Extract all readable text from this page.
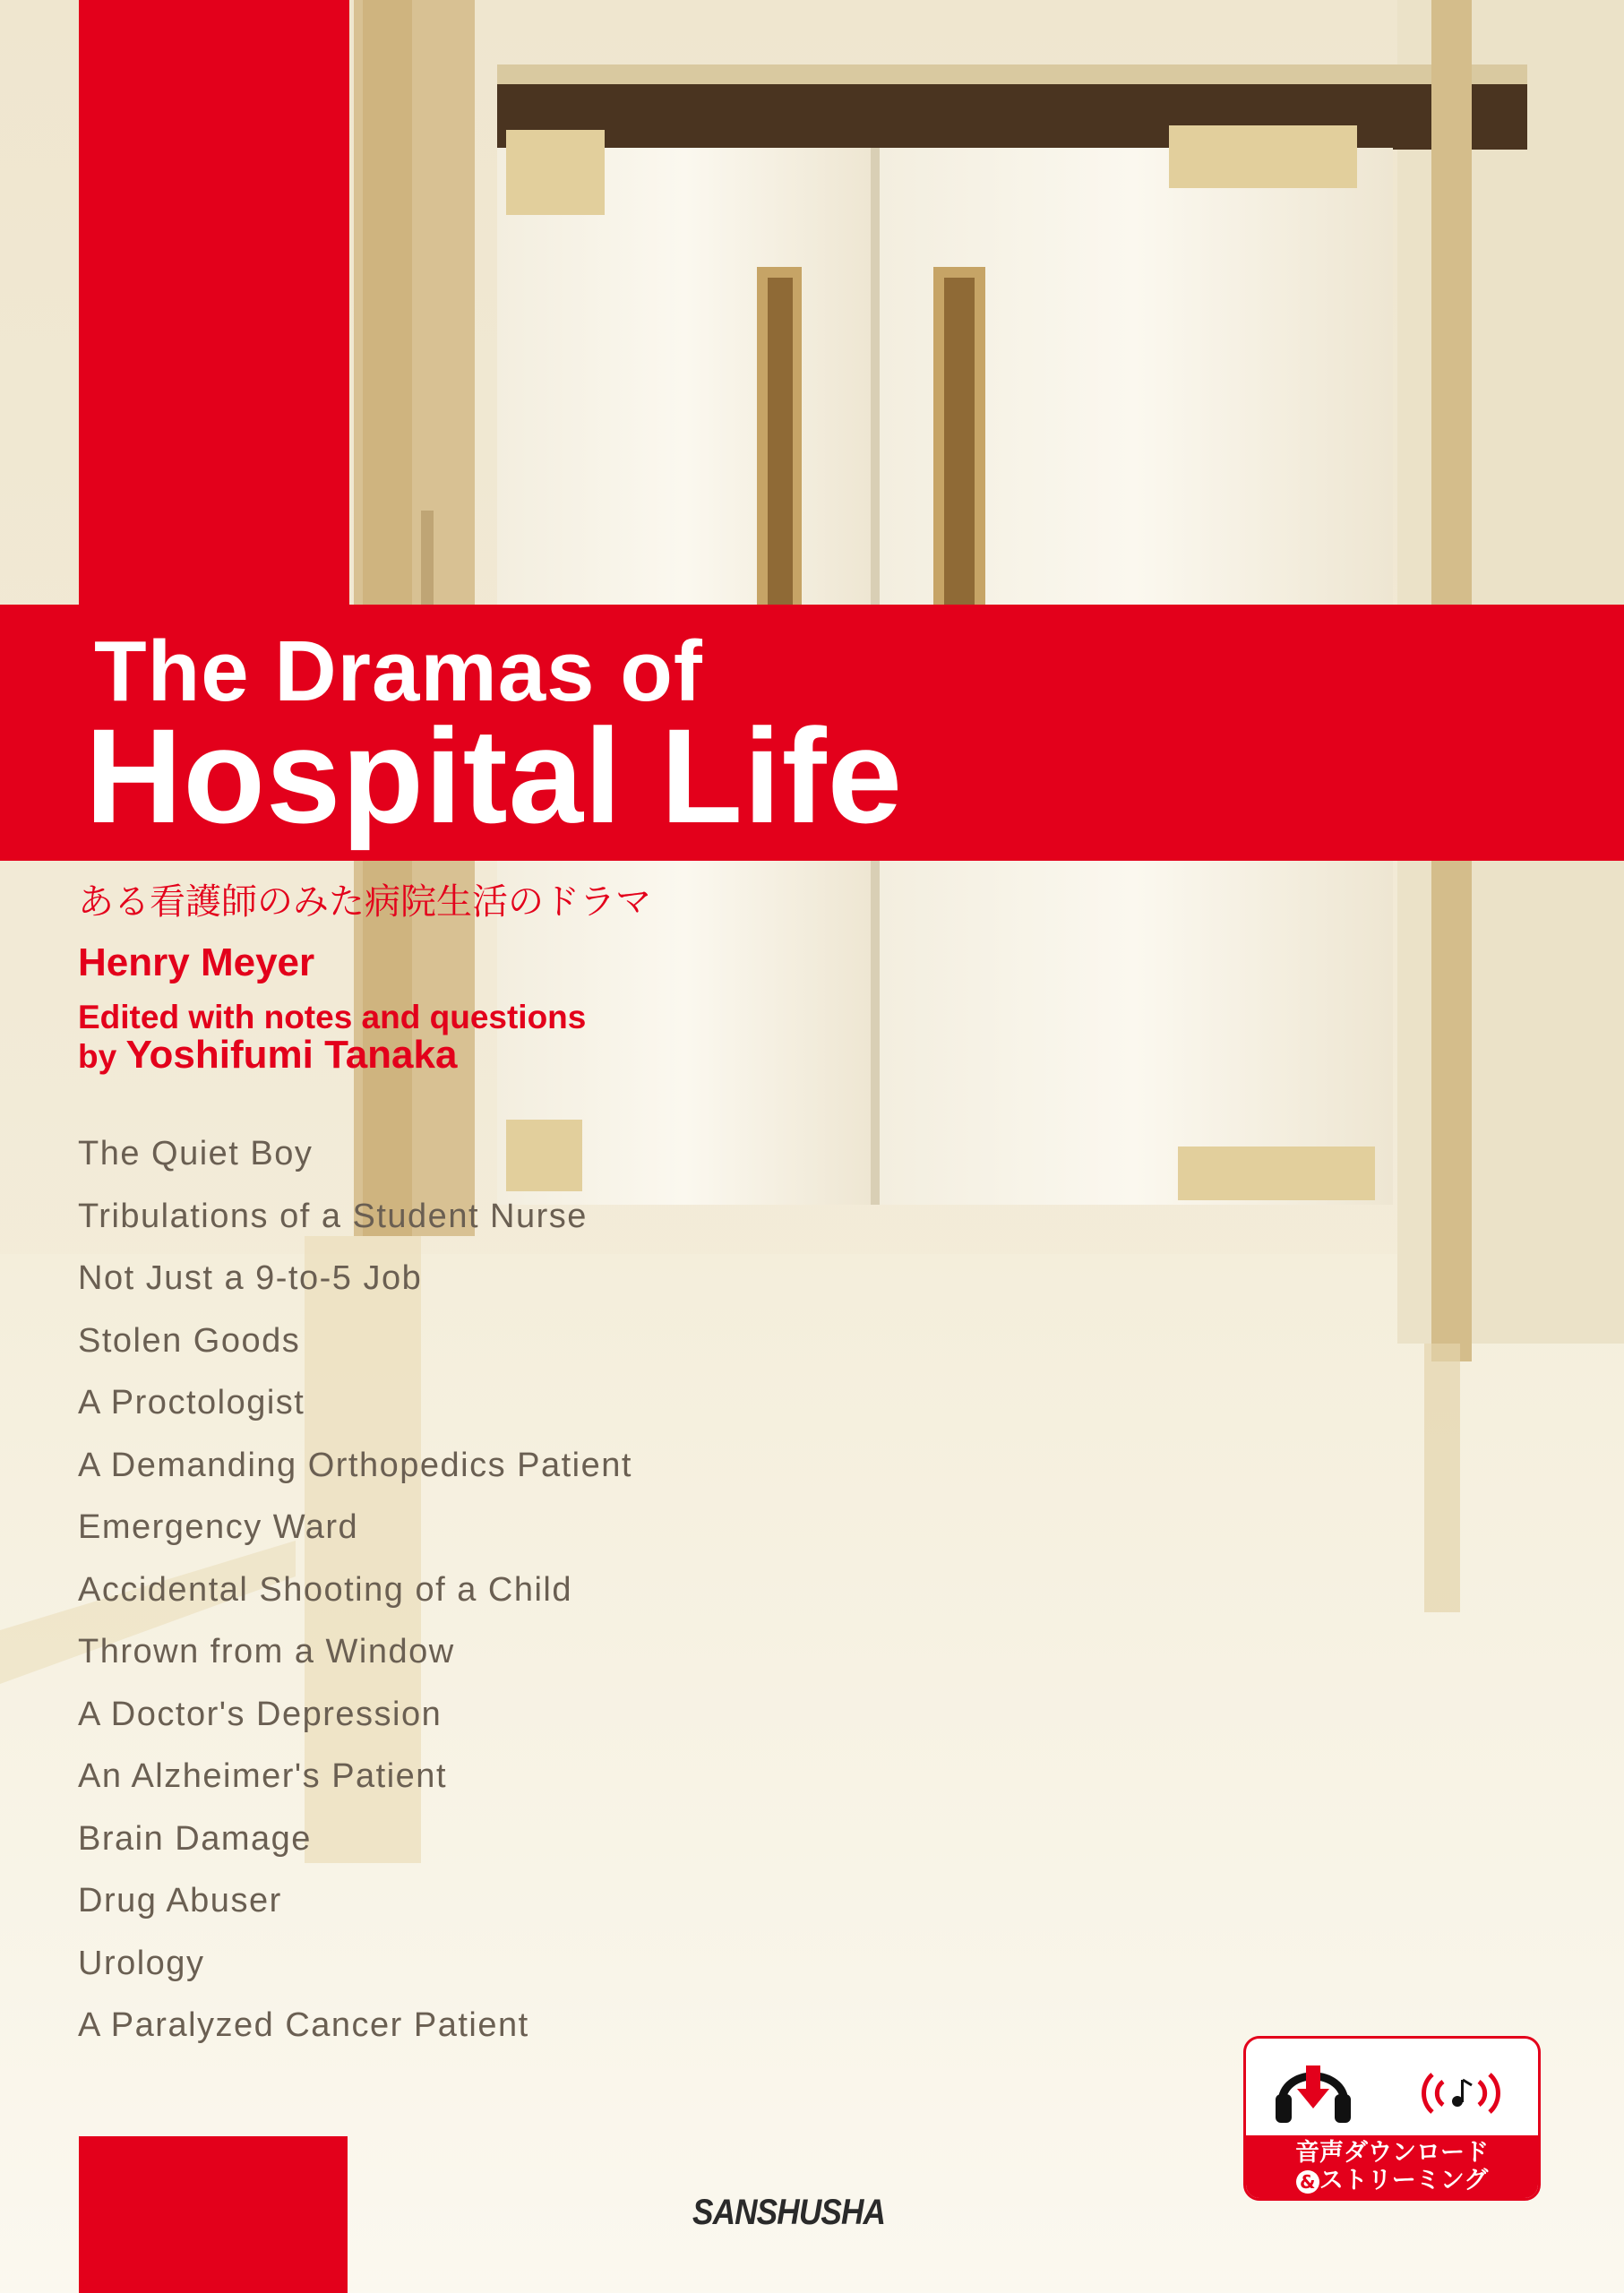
The Dramas of
Hospital Life
ある看護師のみた病院生活のドラマ
Henry Meyer
Edited with notes and questions
by Yoshifumi Tanaka
The Quiet Boy
Tribulations of a Student Nurse
Not Just a 9-to-5 Job
Stolen Goods
A Proctologist
A Demanding Orthopedics Patient
Emergency Ward
Accidental Shooting of a Child
Thrown from a Window
A Doctor's Depression
An Alzheimer's Patient
Brain Damage
Drug Abuser
Urology
A Paralyzed Cancer Patient
音声ダウンロード
& ストリーミング
SANSHUSHA
